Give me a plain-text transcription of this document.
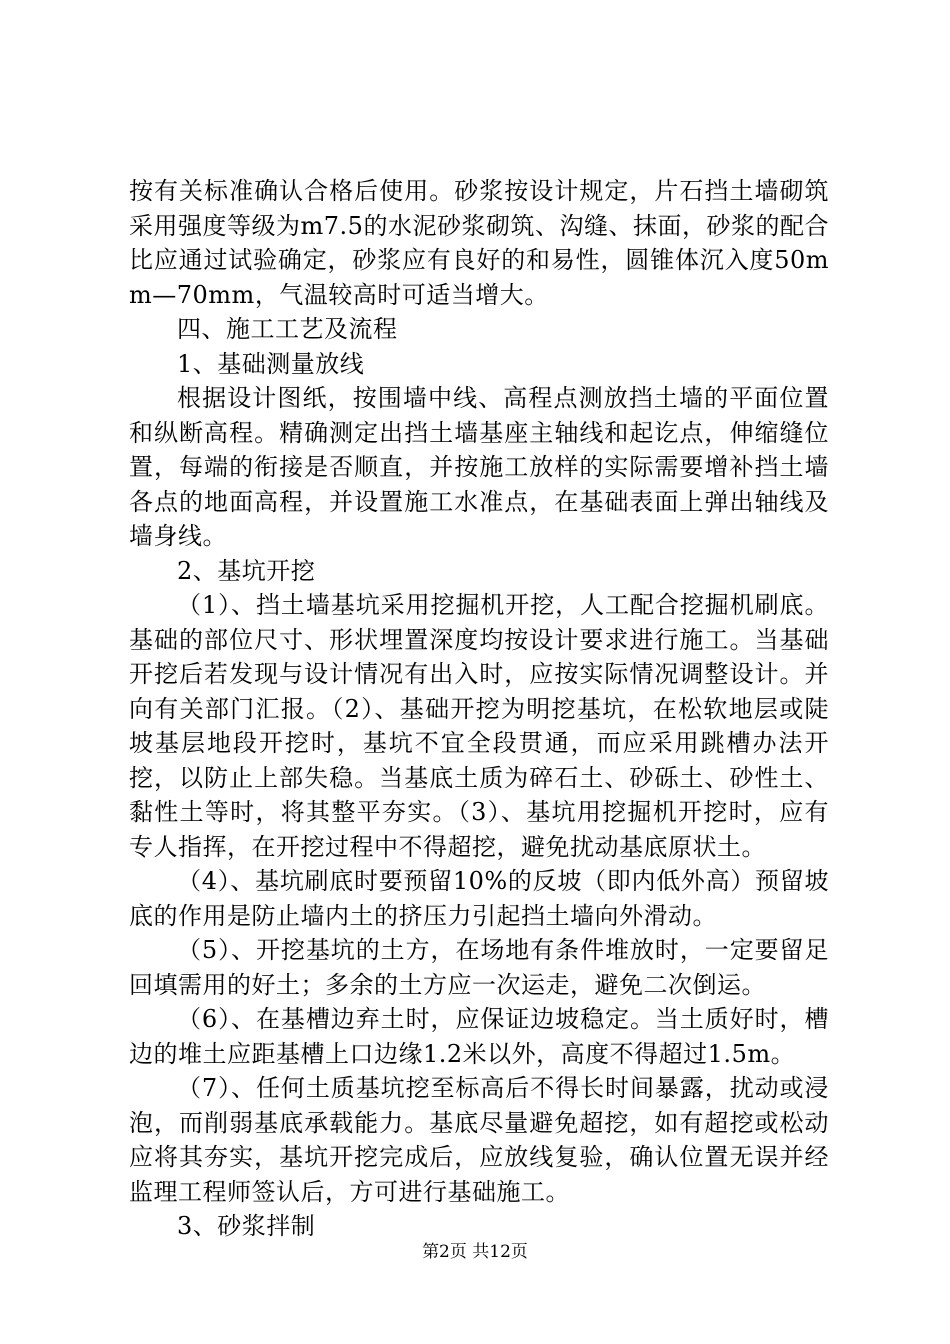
按有关标准确认合格后使用。砂浆按设计规定，片石挡土墙砌筑采用强度等级为m7.5的水泥砂浆砌筑、沟缝、抹面，砂浆的配合比应通过试验确定，砂浆应有良好的和易性，圆锥体沉入度50mm—70mm，气温较高时可适当增大。

四、施工工艺及流程

1、基础测量放线

根据设计图纸，按围墙中线、高程点测放挡土墙的平面位置和纵断高程。精确测定出挡土墙基座主轴线和起讫点，伸缩缝位置，每端的衔接是否顺直，并按施工放样的实际需要增补挡土墙各点的地面高程，并设置施工水准点，在基础表面上弹出轴线及墙身线。

2、基坑开挖

（1）、挡土墙基坑采用挖掘机开挖，人工配合挖掘机刷底。基础的部位尺寸、形状埋置深度均按设计要求进行施工。当基础开挖后若发现与设计情况有出入时，应按实际情况调整设计。并向有关部门汇报。（2）、基础开挖为明挖基坑，在松软地层或陡坡基层地段开挖时，基坑不宜全段贯通，而应采用跳槽办法开挖，以防止上部失稳。当基底土质为碎石土、砂砾土、砂性土、黏性土等时，将其整平夯实。（3）、基坑用挖掘机开挖时，应有专人指挥，在开挖过程中不得超挖，避免扰动基底原状土。

（4）、基坑刷底时要预留10%的反坡（即内低外高）预留坡底的作用是防止墙内土的挤压力引起挡土墙向外滑动。

（5）、开挖基坑的土方，在场地有条件堆放时，一定要留足回填需用的好土；多余的土方应一次运走，避免二次倒运。

（6）、在基槽边弃土时，应保证边坡稳定。当土质好时，槽边的堆土应距基槽上口边缘1.2米以外，高度不得超过1.5m。

（7）、任何土质基坑挖至标高后不得长时间暴露，扰动或浸泡，而削弱基底承载能力。基底尽量避免超挖，如有超挖或松动应将其夯实，基坑开挖完成后，应放线复验，确认位置无误并经监理工程师签认后，方可进行基础施工。

3、砂浆拌制

第2页 共12页
